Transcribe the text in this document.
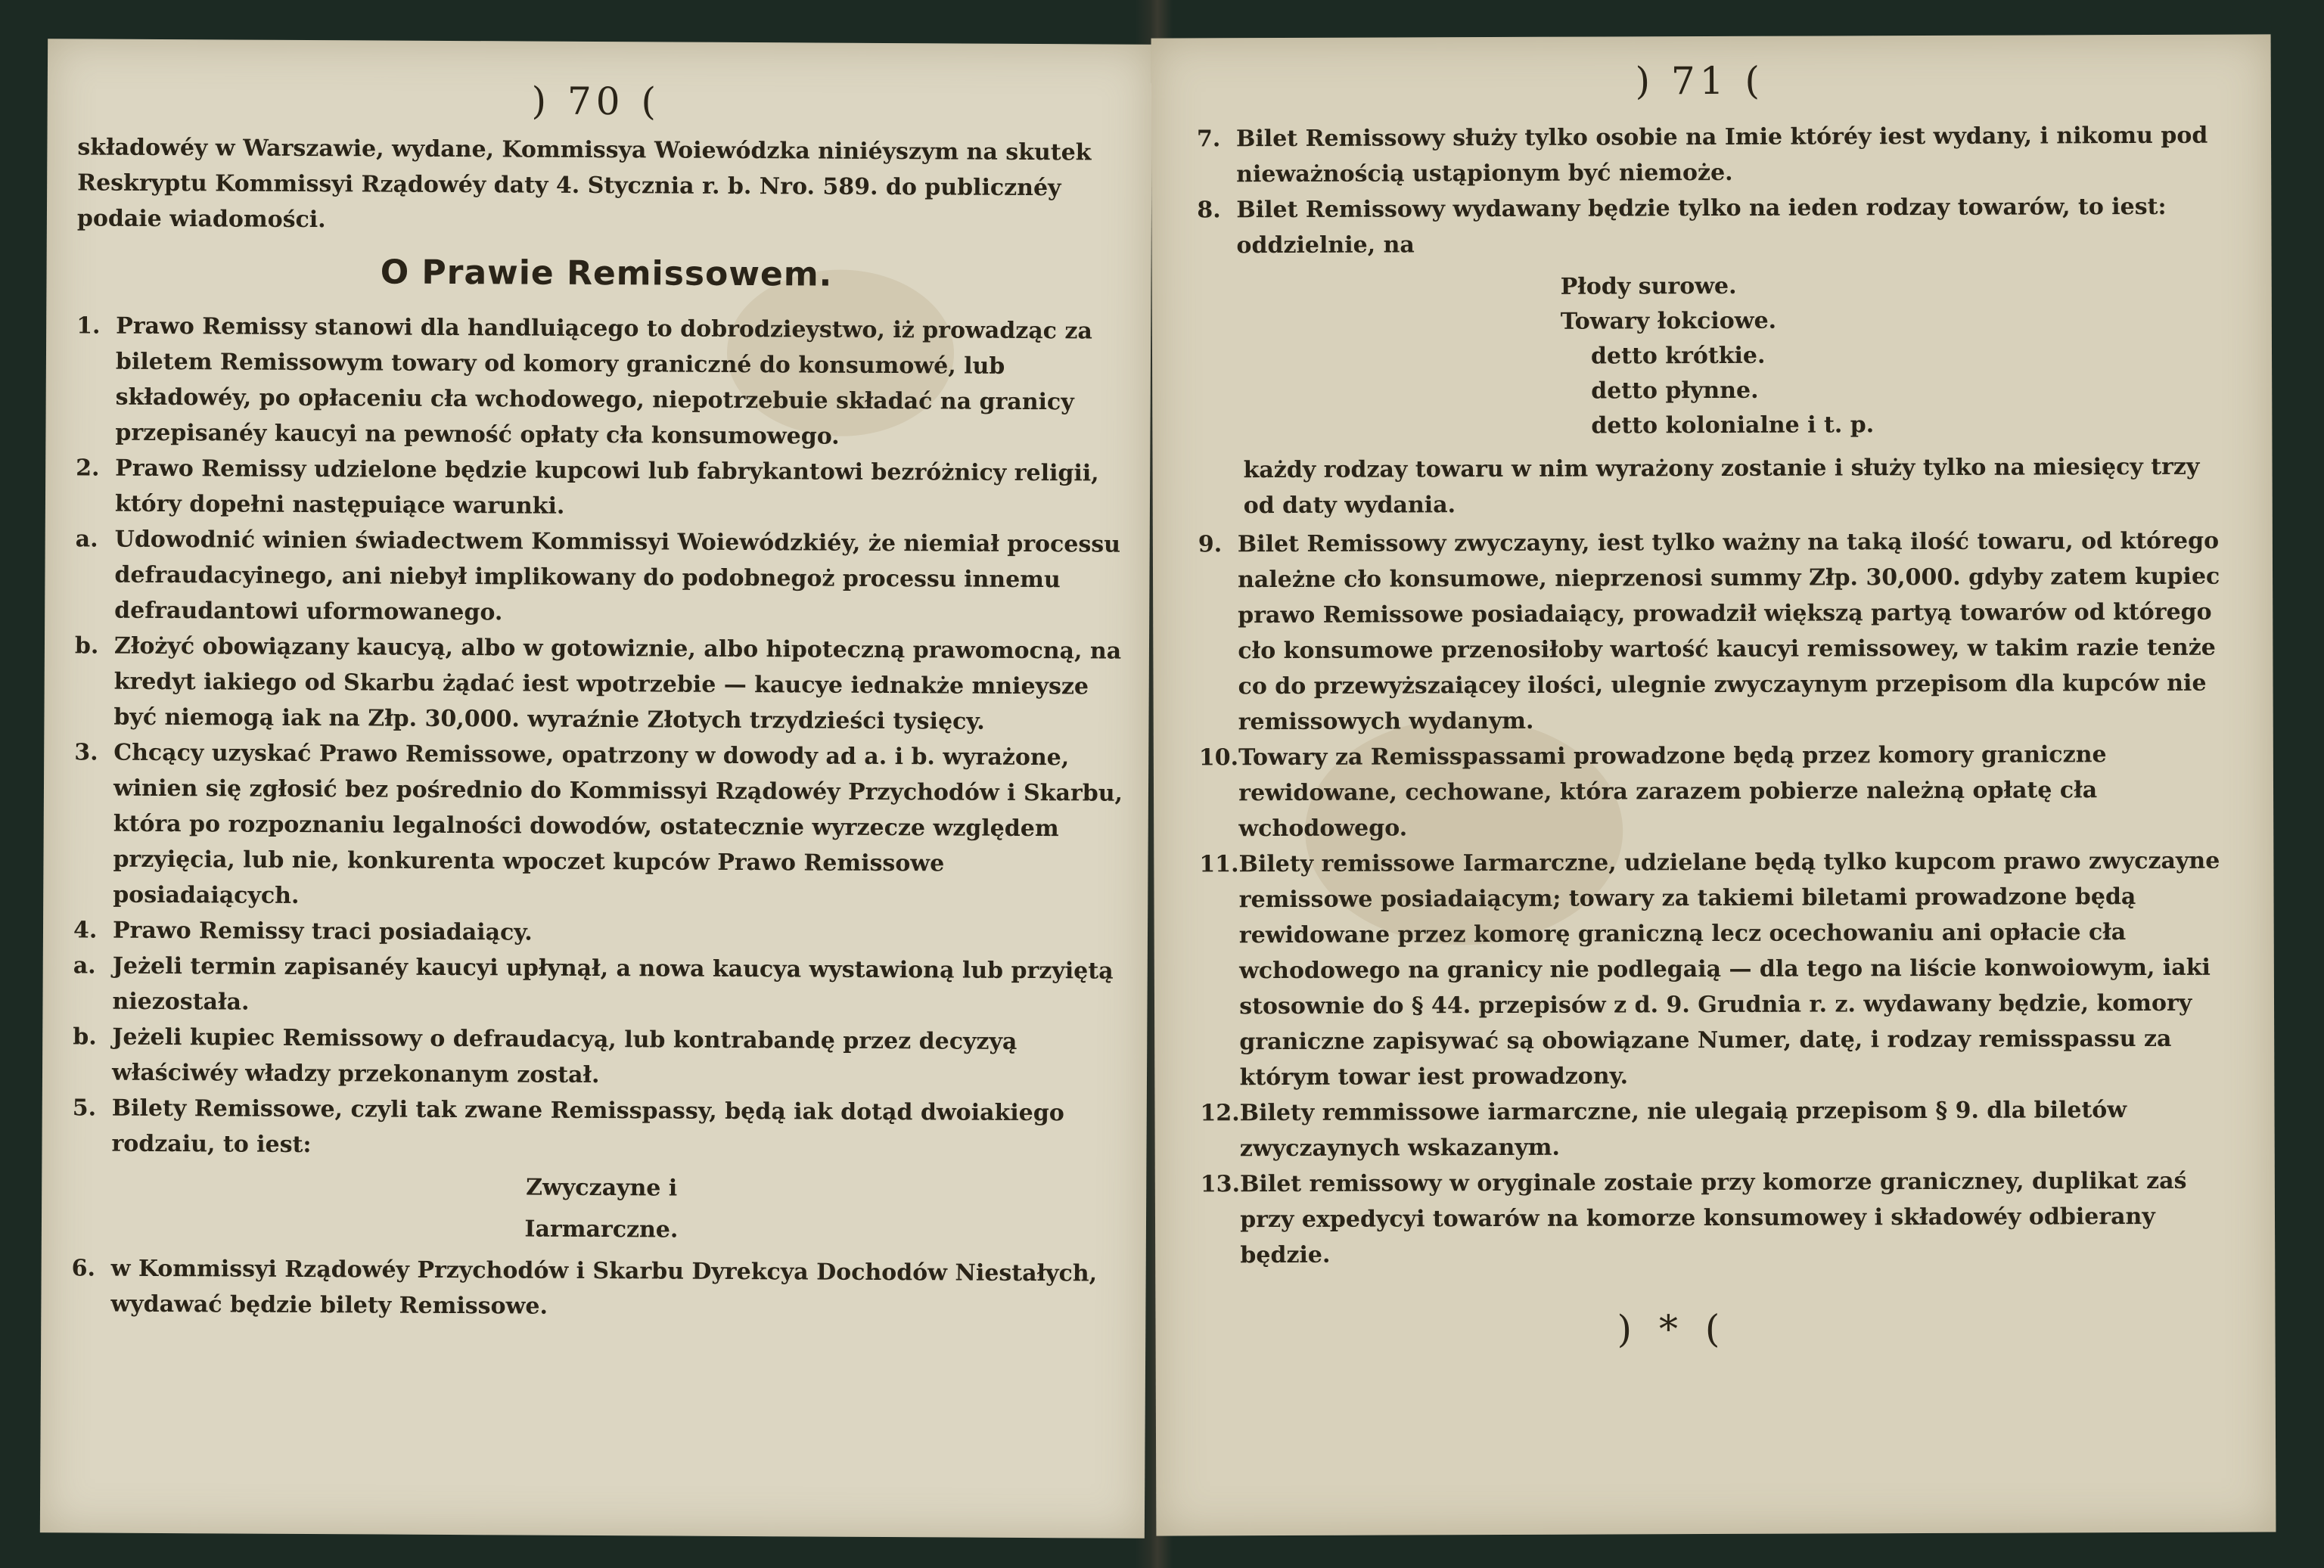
) 70 (

składowéy w Warszawie, wydane, Kommissya Woiewódzka niniéyszym na skutek Reskryptu Kommissyi Rządowéy daty 4. Stycznia r. b. Nro. 589. do publicznéy podaie wiadomości.

O Prawie Remissowem.
1. Prawo Remissy stanowi dla handluiącego to dobrodzieystwo, iż prowadząc za biletem Remissowym towary od komory graniczné do konsumowé, lub składowéy, po opłaceniu cła wchodowego, niepotrzebuie składać na granicy przepisanéy kaucyi na pewność opłaty cła konsumowego.
2. Prawo Remissy udzielone będzie kupcowi lub fabrykantowi bezróżnicy religii, który dopełni następuiące warunki.
a. Udowodnić winien świadectwem Kommissyi Woiewódzkiéy, że niemiał processu defraudacyinego, ani niebył implikowany do podobnegoż processu innemu defraudantowi uformowanego.
b. Złożyć obowiązany kaucyą, albo w gotowiznie, albo hipoteczną prawomocną, na kredyt iakiego od Skarbu żądać iest wpotrzebie — kaucye iednakże mnieysze być niemogą iak na Złp. 30,000. wyraźnie Złotych trzydzieści tysięcy.
3. Chcący uzyskać Prawo Remissowe, opatrzony w dowody ad a. i b. wyrażone, winien się zgłosić bez pośrednio do Kommissyi Rządowéy Przychodów i Skarbu, która po rozpoznaniu legalności dowodów, ostatecznie wyrzecze względem przyięcia, lub nie, konkurenta wpoczet kupców Prawo Remissowe posiadaiących.
4. Prawo Remissy traci posiadaiący.
a. Jeżeli termin zapisanéy kaucyi upłynął, a nowa kaucya wystawioną lub przyiętą niezostała.
b. Jeżeli kupiec Remissowy o defraudacyą, lub kontrabandę przez decyzyą właściwéy władzy przekonanym został.
5. Bilety Remissowe, czyli tak zwane Remisspassy, będą iak dotąd dwoiakiego rodzaiu, to iest:
Zwyczayne i
Iarmarczne.
6. w Kommissyi Rządowéy Przychodów i Skarbu Dyrekcya Dochodów Niestałych, wydawać będzie bilety Remissowe.
) 71 (
7. Bilet Remissowy służy tylko osobie na Imie któréy iest wydany, i nikomu pod nieważnością ustąpionym być niemoże.
8. Bilet Remissowy wydawany będzie tylko na ieden rodzay towarów, to iest: oddzielnie, na
Płody surowe.
Towary łokciowe.
detto krótkie.
detto płynne.
detto kolonialne i t. p.

każdy rodzay towaru w nim wyrażony zostanie i służy tylko na miesięcy trzy od daty wydania.

9. Bilet Remissowy zwyczayny, iest tylko ważny na taką ilość towaru, od którego należne cło konsumowe, nieprzenosi summy Złp. 30,000. gdyby zatem kupiec prawo Remissowe posiadaiący, prowadził większą partyą towarów od którego cło konsumowe przenosiłoby wartość kaucyi remissowey, w takim razie tenże co do przewyższaiącey ilości, ulegnie zwyczaynym przepisom dla kupców nie remissowych wydanym.
10. Towary za Remisspassami prowadzone będą przez komory graniczne rewidowane, cechowane, która zarazem pobierze należną opłatę cła wchodowego.
11. Bilety remissowe Iarmarczne, udzielane będą tylko kupcom prawo zwyczayne remissowe posiadaiącym; towary za takiemi biletami prowadzone będą rewidowane przez komorę graniczną lecz ocechowaniu ani opłacie cła wchodowego na granicy nie podlegaią — dla tego na liście konwoiowym, iaki stosownie do § 44. przepisów z d. 9. Grudnia r. z. wydawany będzie, komory graniczne zapisywać są obowiązane Numer, datę, i rodzay remisspassu za którym towar iest prowadzony.
12. Bilety remmissowe iarmarczne, nie ulegaią przepisom § 9. dla biletów zwyczaynych wskazanym.
13. Bilet remissowy w oryginale zostaie przy komorze graniczney, duplikat zaś przy expedycyi towarów na komorze konsumowey i składowéy odbierany będzie.
) * (
